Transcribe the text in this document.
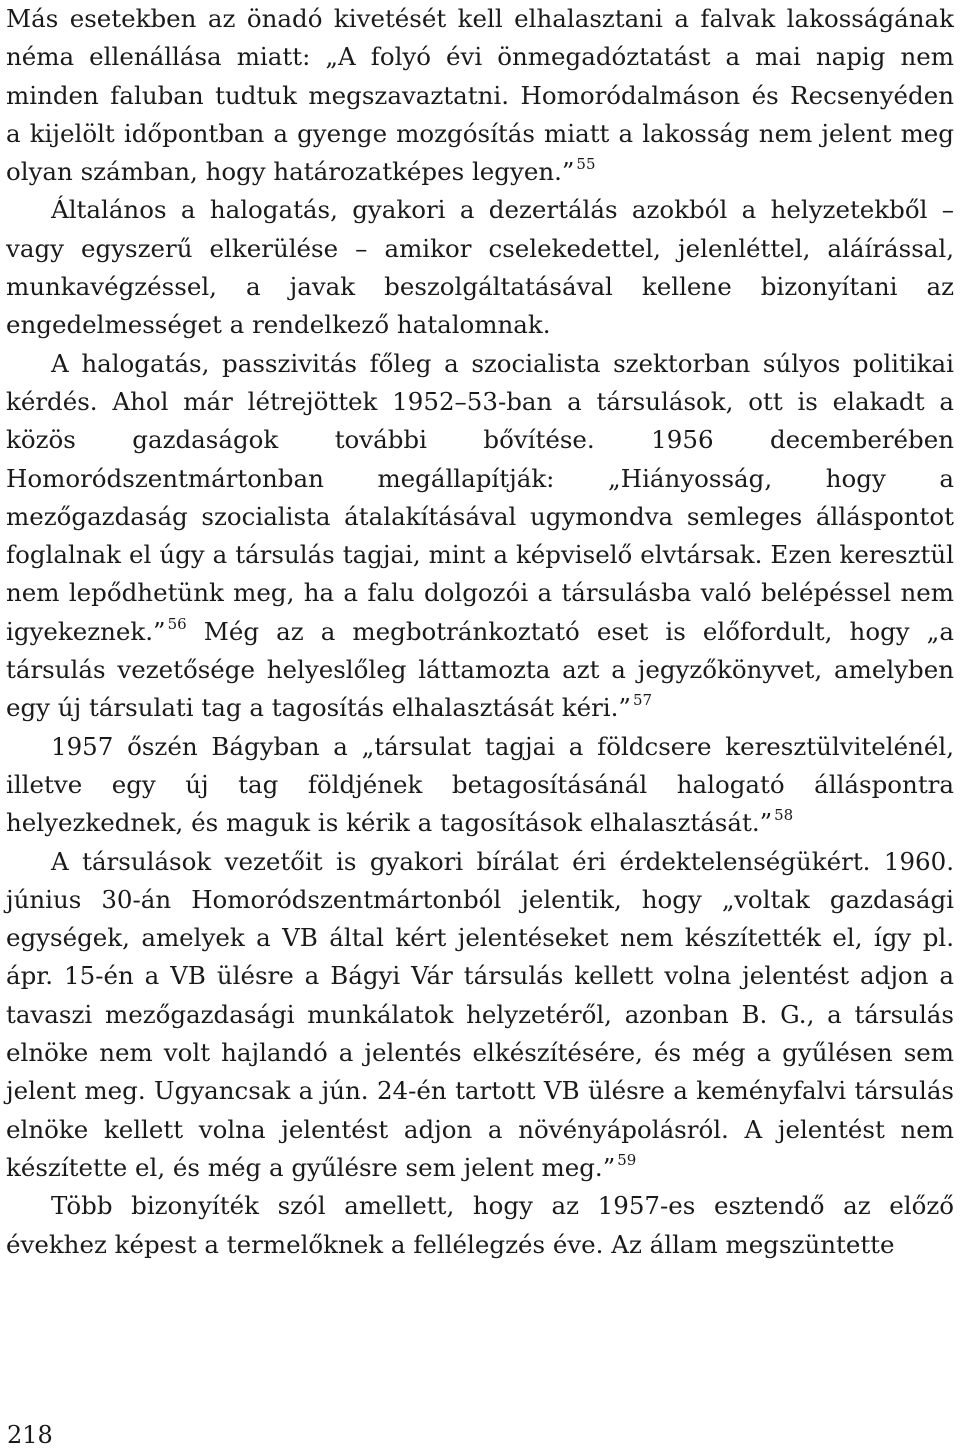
Más esetekben az önadó kivetését kell elhalasztani a falvak lakosságának néma ellenállása miatt: „A folyó évi önmegadóztatást a mai napig nem minden faluban tudtuk megszavaztatni. Homoródalmáson és Recsenyéden a kijelölt időpontban a gyenge mozgósítás miatt a lakosság nem jelent meg olyan számban, hogy határozatképes legyen.” $^{55}$

Általános a halogatás, gyakori a dezertálás azokból a helyzetekből – vagy egyszerű elkerülése – amikor cselekedettel, jelenléttel, aláírással, munkavégzéssel, a javak beszolgáltatásával kellene bizonyítani az engedelmességet a rendelkező hatalomnak.

A halogatás, passzivitás főleg a szocialista szektorban súlyos politikai kérdés. Ahol már létrejöttek 1952–53-ban a társulások, ott is elakadt a közös gazdaságok további bővítése. 1956 decemberében Homoródszentmártonban megállapítják: „Hiányosság, hogy a mezőgazdaság szocialista átalakításával ugymondva semleges álláspontot foglalnak el úgy a társulás tagjai, mint a képviselő elvtársak. Ezen keresztül nem lepődhetünk meg, ha a falu dolgozói a társulásba való belépéssel nem igyekeznek.” $^{56}$ Még az a megbotránkoztató eset is előfordult, hogy „a társulás vezetősége helyeslőleg láttamozta azt a jegyzőkönyvet, amelyben egy új társulati tag a tagosítás elhalasztását kéri.” $^{57}$

1957 őszén Bágyban a „társulat tagjai a földcsere keresztülvitelénél, illetve egy új tag földjének betagosításánál halogató álláspontra helyezkednek, és maguk is kérik a tagosítások elhalasztását.” $^{58}$

A társulások vezetőit is gyakori bírálat éri érdektelenségükért. 1960. június 30-án Homoródszentmártonból jelentik, hogy „voltak gazdasági egységek, amelyek a VB által kért jelentéseket nem készítették el, így pl. ápr. 15-én a VB ülésre a Bágyi Vár társulás kellett volna jelentést adjon a tavaszi mezőgazdasági munkálatok helyzetéről, azonban B. G., a társulás elnöke nem volt hajlandó a jelentés elkészítésére, és még a gyűlésen sem jelent meg. Ugyancsak a jún. 24-én tartott VB ülésre a keményfalvi társulás elnöke kellett volna jelentést adjon a növényápolásról. A jelentést nem készítette el, és még a gyűlésre sem jelent meg.” $^{59}$

Több bizonyíték szól amellett, hogy az 1957-es esztendő az előző évekhez képest a termelőknek a fellélegzés éve. Az állam megszüntette

218
